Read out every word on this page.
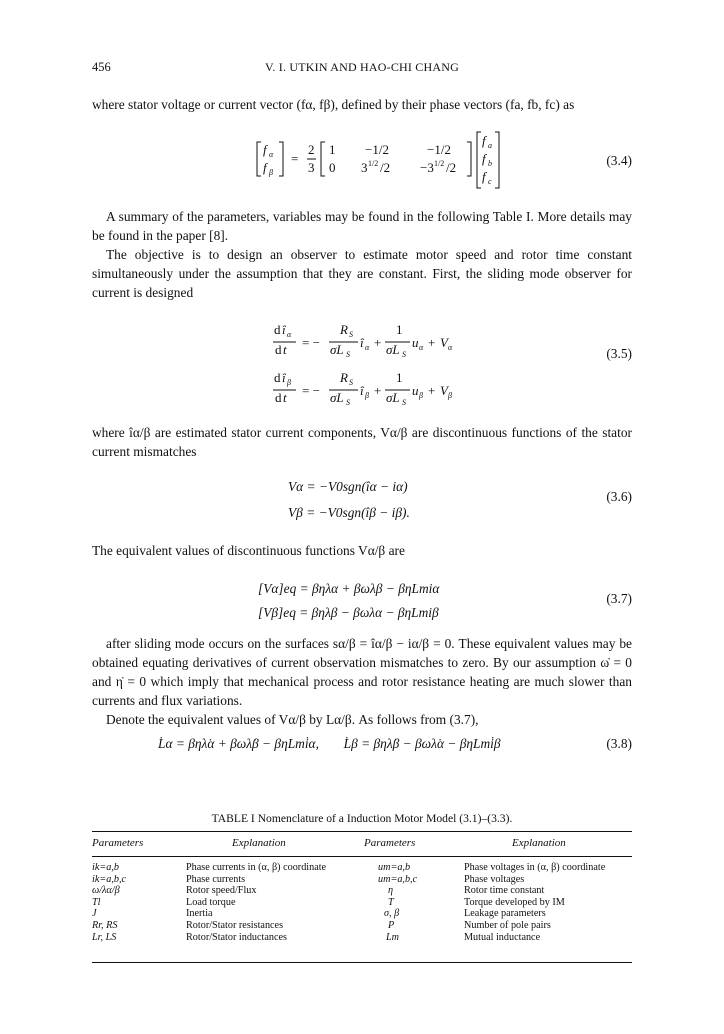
456	V. I. UTKIN AND HAO-CHI CHANG

where stator voltage or current vector (fα, fβ), defined by their phase vectors (fa, fb, fc) as

f α
f β
=
2
3
1 −1/2	−1/2
0 3 1/2 /2 −3 1/2 /2
f a
f b
f c
(3.4)

A summary of the parameters, variables may be found in the following Table I. More details may be found in the paper [8].

The objective is to design an observer to estimate motor speed and rotor time constant simultaneously under the assumption that they are constant. First, the sliding mode observer for current is designed

d î α
d t = −
R S
σL S
î α +
1
σL S
u α + V α
d î β
d t = −
R S
σL S
î β +
1
σL S
u β + V β
(3.5)

where îα/β are estimated stator current components, Vα/β are discontinuous functions of the stator current mismatches

Vα = −V0sgn(îα − iα)
Vβ = −V0sgn(îβ − iβ).
(3.6)

The equivalent values of discontinuous functions Vα/β are

[Vα]eq = βηλα + βωλβ − βηLmiα
[Vβ]eq = βηλβ − βωλα − βηLmiβ
(3.7)

after sliding mode occurs on the surfaces sα/β = îα/β − iα/β = 0. These equivalent values may be obtained equating derivatives of current observation mismatches to zero. By our assumption ω̇ = 0 and η̇ = 0 which imply that mechanical process and rotor resistance heating are much slower than currents and flux variations.

Denote the equivalent values of Vα/β by Lα/β. As follows from (3.7),

L̇α = βηλ̇α + βωλ̇β − βηLmi̇α, L̇β = βηλ̇β − βωλ̇α − βηLmi̇β	(3.8)
TABLE I Nomenclature of a Induction Motor Model (3.1)–(3.3).
Parameters	Explanation	Parameters	Explanation

ik=a,b	Phase currents in (α, β) coordinate	um=a,b	Phase voltages in (α, β) coordinate
ik=a,b,c	Phase currents	um=a,b,c	Phase voltages
ω/λα/β	Rotor speed/Flux	η	Rotor time constant
Tl	Load torque	T	Torque developed by IM
J	Inertia	σ, β	Leakage parameters
Rr, RS	Rotor/Stator resistances	P	Number of pole pairs
Lr, LS	Rotor/Stator inductances	Lm	Mutual inductance
